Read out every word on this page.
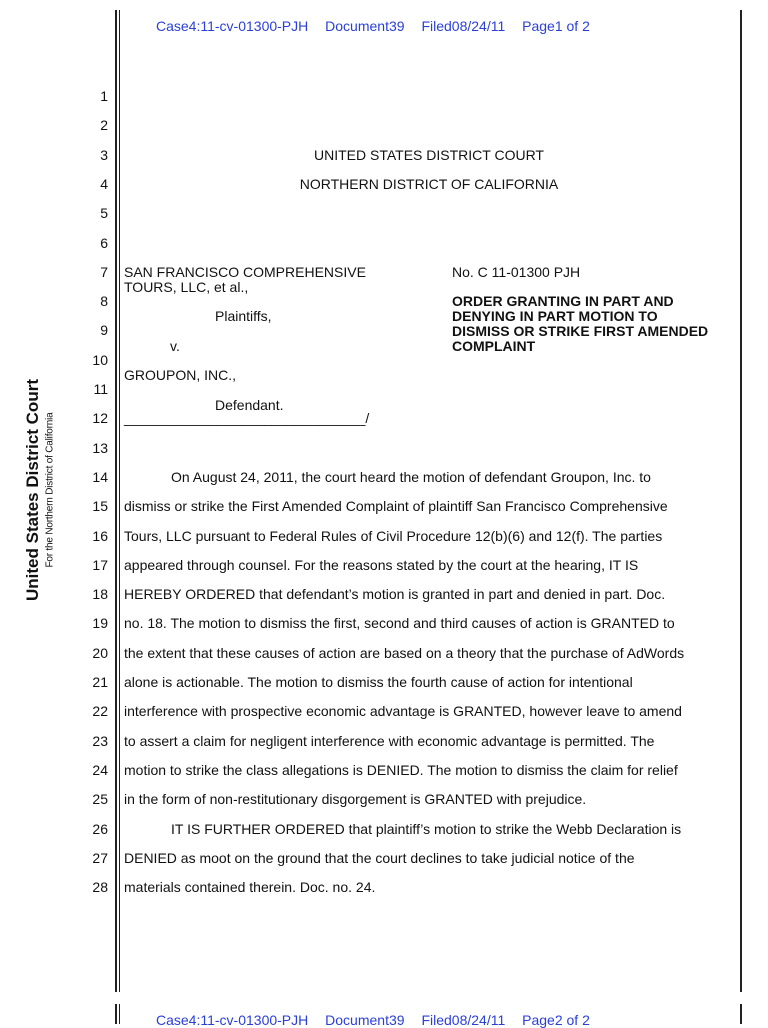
Case4:11-cv-01300-PJH Document39 Filed08/24/11 Page1 of 2
Case4:11-cv-01300-PJH Document39 Filed08/24/11 Page2 of 2
United States District Court For the Northern District of California
1
2
3
4
5
6
7
8
9
10
11
12
13
14
15
16
17
18
19
20
21
22
23
24
25
26
27
28
UNITED STATES DISTRICT COURT
NORTHERN DISTRICT OF CALIFORNIA
SAN FRANCISCO COMPREHENSIVE
TOURS, LLC, et al.,
Plaintiffs,
v.
GROUPON, INC.,
Defendant.
_______________________________/
No. C 11-01300 PJH
ORDER GRANTING IN PART AND
DENYING IN PART MOTION TO
DISMISS OR STRIKE FIRST AMENDED
COMPLAINT
On August 24, 2011, the court heard the motion of defendant Groupon, Inc. to
dismiss or strike the First Amended Complaint of plaintiff San Francisco Comprehensive
Tours, LLC pursuant to Federal Rules of Civil Procedure 12(b)(6) and 12(f). The parties
appeared through counsel. For the reasons stated by the court at the hearing, IT IS
HEREBY ORDERED that defendant’s motion is granted in part and denied in part. Doc.
no. 18. The motion to dismiss the first, second and third causes of action is GRANTED to
the extent that these causes of action are based on a theory that the purchase of AdWords
alone is actionable. The motion to dismiss the fourth cause of action for intentional
interference with prospective economic advantage is GRANTED, however leave to amend
to assert a claim for negligent interference with economic advantage is permitted. The
motion to strike the class allegations is DENIED. The motion to dismiss the claim for relief
in the form of non-restitutionary disgorgement is GRANTED with prejudice.
IT IS FURTHER ORDERED that plaintiff’s motion to strike the Webb Declaration is
DENIED as moot on the ground that the court declines to take judicial notice of the
materials contained therein. Doc. no. 24.
